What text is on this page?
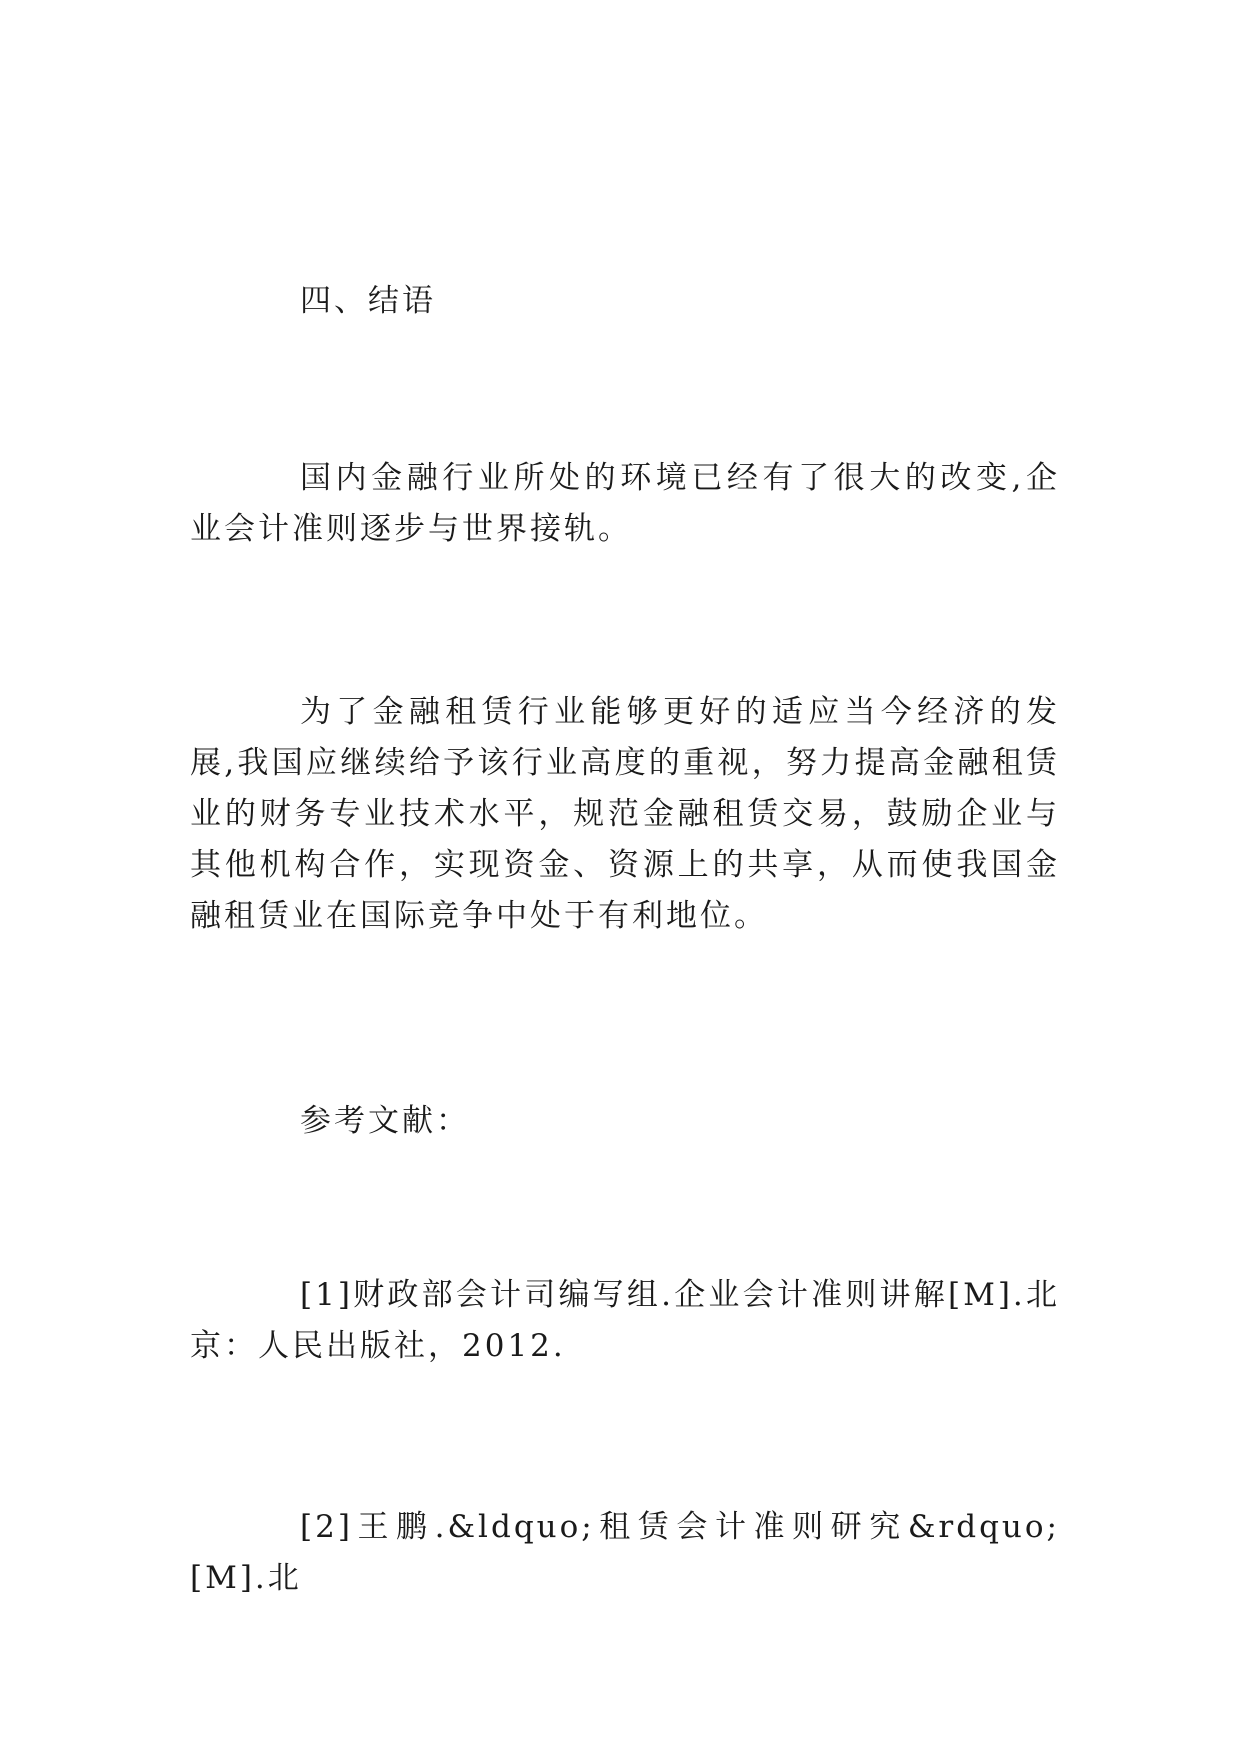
四、结语
国内金融行业所处的环境已经有了很大的改变,企业会计准则逐步与世界接轨。
为了金融租赁行业能够更好的适应当今经济的发展,我国应继续给予该行业高度的重视，努力提高金融租赁业的财务专业技术水平，规范金融租赁交易，鼓励企业与其他机构合作，实现资金、资源上的共享，从而使我国金融租赁业在国际竞争中处于有利地位。
参考文献：
[1]财政部会计司编写组.企业会计准则讲解[M].北京：人民出版社，2012.
[2]王鹏.&ldquo;租赁会计准则研究&rdquo;[M].北
